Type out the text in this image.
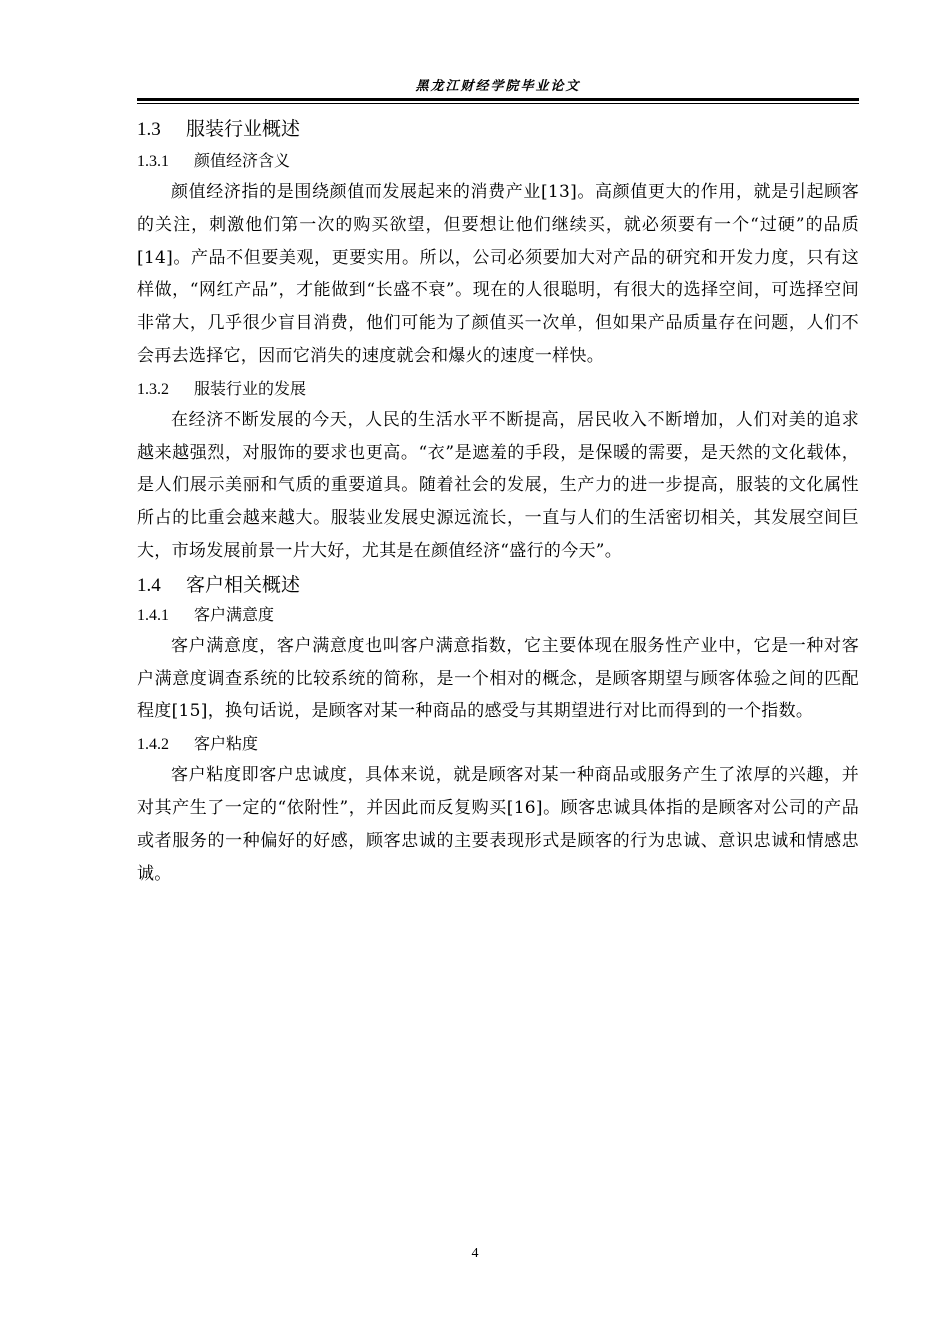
黑龙江财经学院毕业论文
1.3 服装行业概述
1.3.1 颜值经济含义

颜值经济指的是围绕颜值而发展起来的消费产业[13]。高颜值更大的作用，就是引起顾客的关注，刺激他们第一次的购买欲望，但要想让他们继续买，就必须要有一个“过硬”的品质[14]。产品不但要美观，更要实用。所以，公司必须要加大对产品的研究和开发力度，只有这样做，“网红产品”，才能做到“长盛不衰”。现在的人很聪明，有很大的选择空间，可选择空间非常大，几乎很少盲目消费，他们可能为了颜值买一次单，但如果产品质量存在问题，人们不会再去选择它，因而它消失的速度就会和爆火的速度一样快。

1.3.2 服装行业的发展

在经济不断发展的今天，人民的生活水平不断提高，居民收入不断增加，人们对美的追求越来越强烈，对服饰的要求也更高。“衣”是遮羞的手段，是保暖的需要，是天然的文化载体，是人们展示美丽和气质的重要道具。随着社会的发展，生产力的进一步提高，服装的文化属性所占的比重会越来越大。服装业发展史源远流长，一直与人们的生活密切相关，其发展空间巨大，市场发展前景一片大好，尤其是在颜值经济“盛行的今天”。

1.4 客户相关概述
1.4.1 客户满意度

客户满意度，客户满意度也叫客户满意指数，它主要体现在服务性产业中，它是一种对客户满意度调查系统的比较系统的简称，是一个相对的概念，是顾客期望与顾客体验之间的匹配程度[15]，换句话说，是顾客对某一种商品的感受与其期望进行对比而得到的一个指数。

1.4.2 客户粘度

客户粘度即客户忠诚度，具体来说，就是顾客对某一种商品或服务产生了浓厚的兴趣，并对其产生了一定的“依附性”，并因此而反复购买[16]。顾客忠诚具体指的是顾客对公司的产品或者服务的一种偏好的好感，顾客忠诚的主要表现形式是顾客的行为忠诚、意识忠诚和情感忠诚。

4
